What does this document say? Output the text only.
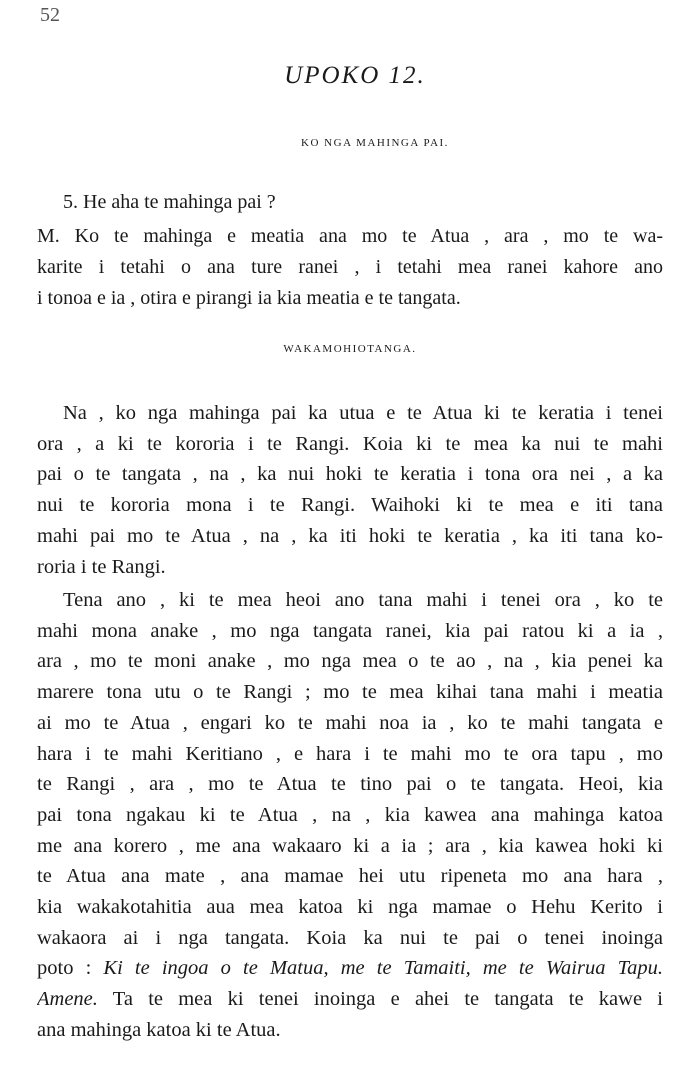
52
UPOKO 12.
KO NGA MAHINGA PAI.
5. He aha te mahinga pai ?
M. Ko te mahinga e meatia ana mo te Atua , ara , mo te wa-
karite i tetahi o ana ture ranei , i tetahi mea ranei kahore ano
i tonoa e ia , otira e pirangi ia kia meatia e te tangata.
WAKAMOHIOTANGA.
Na , ko nga mahinga pai ka utua e te Atua ki te keratia i tenei
ora , a ki te kororia i te Rangi. Koia ki te mea ka nui te mahi
pai o te tangata , na , ka nui hoki te keratia i tona ora nei , a ka
nui te kororia mona i te Rangi. Waihoki ki te mea e iti tana
mahi pai mo te Atua , na , ka iti hoki te keratia , ka iti tana ko-
roria i te Rangi.
Tena ano , ki te mea heoi ano tana mahi i tenei ora , ko te
mahi mona anake , mo nga tangata ranei, kia pai ratou ki a ia ,
ara , mo te moni anake , mo nga mea o te ao , na , kia penei ka
marere tona utu o te Rangi ; mo te mea kihai tana mahi i meatia
ai mo te Atua , engari ko te mahi noa ia , ko te mahi tangata e
hara i te mahi Keritiano , e hara i te mahi mo te ora tapu , mo
te Rangi , ara , mo te Atua te tino pai o te tangata. Heoi, kia
pai tona ngakau ki te Atua , na , kia kawea ana mahinga katoa
me ana korero , me ana wakaaro ki a ia ; ara , kia kawea hoki ki
te Atua ana mate , ana mamae hei utu ripeneta mo ana hara ,
kia wakakotahitia aua mea katoa ki nga mamae o Hehu Kerito i
wakaora ai i nga tangata. Koia ka nui te pai o tenei inoinga
poto : Ki te ingoa o te Matua, me te Tamaiti, me te Wairua Tapu.
Amene. Ta te mea ki tenei inoinga e ahei te tangata te kawe i
ana mahinga katoa ki te Atua.
